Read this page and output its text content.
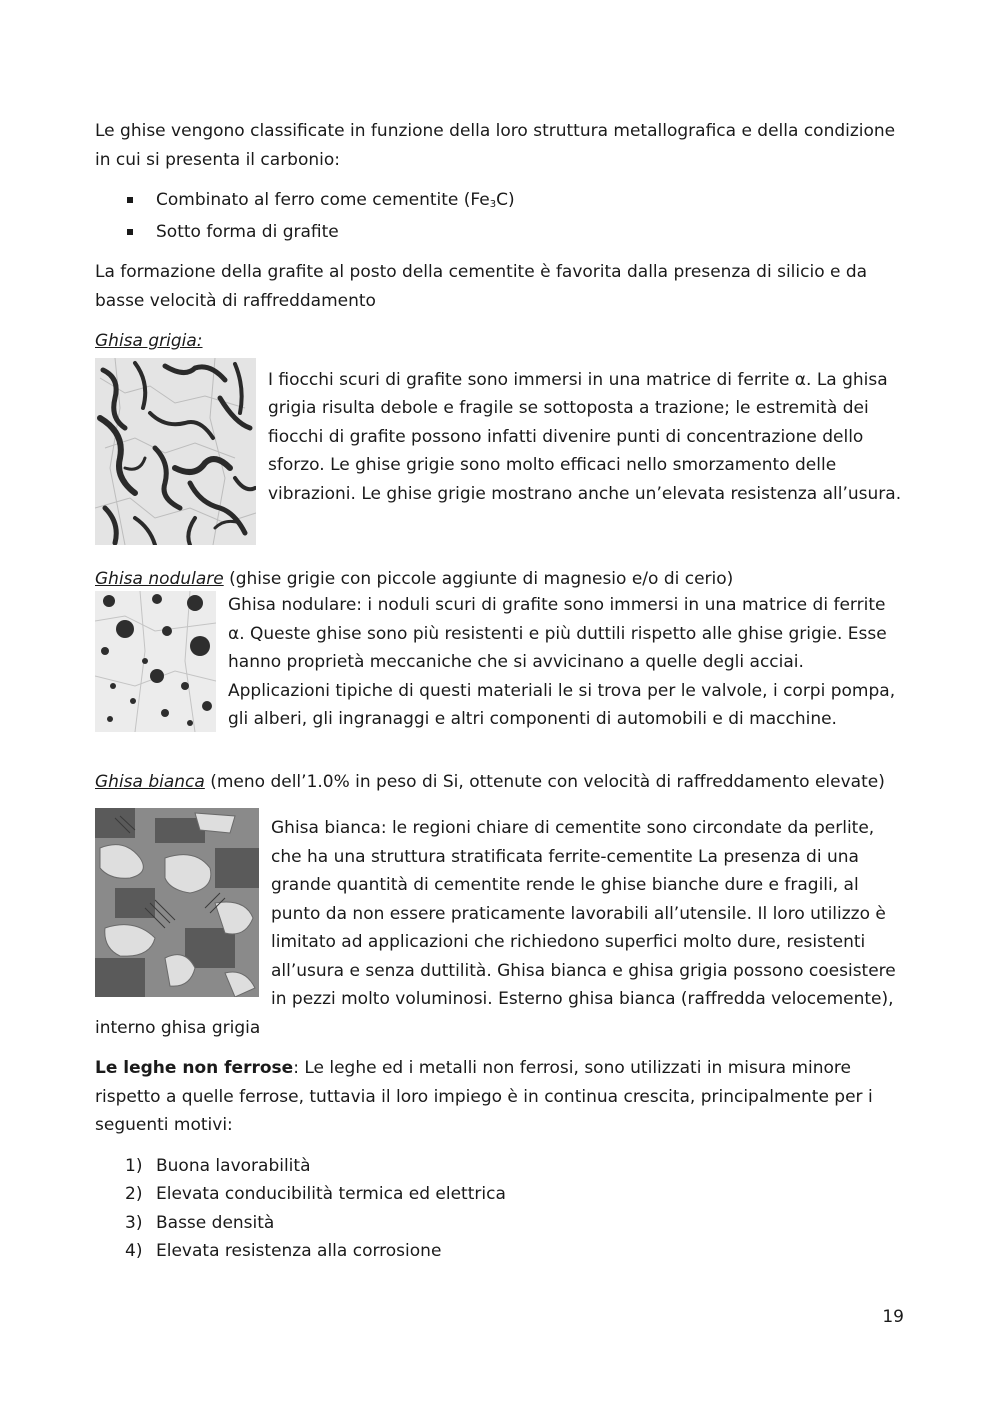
Le ghise vengono classificate in funzione della loro struttura metallografica e della condizione in cui si presenta il carbonio:

Combinato al ferro come cementite (Fe3C)
Sotto forma di grafite

La formazione della grafite al posto della cementite è favorita dalla presenza di silicio e da basse velocità di raffreddamento

Ghisa grigia:

I fiocchi scuri di grafite sono immersi in una matrice di ferrite α. La ghisa grigia risulta debole e fragile se sottoposta a trazione; le estremità dei fiocchi di grafite possono infatti divenire punti di concentrazione dello sforzo. Le ghise grigie sono molto efficaci nello smorzamento delle vibrazioni. Le ghise grigie mostrano anche un’elevata resistenza all’usura.

Ghisa nodulare (ghise grigie con piccole aggiunte di magnesio e/o di cerio)

Ghisa nodulare: i noduli scuri di grafite sono immersi in una matrice di ferrite α. Queste ghise sono più resistenti e più duttili rispetto alle ghise grigie. Esse hanno proprietà meccaniche che si avvicinano a quelle degli acciai. Applicazioni tipiche di questi materiali le si trova per le valvole, i corpi pompa, gli alberi, gli ingranaggi e altri componenti di automobili e di macchine.

Ghisa bianca (meno dell’1.0% in peso di Si, ottenute con velocità di raffreddamento elevate)

Ghisa bianca: le regioni chiare di cementite sono circondate da perlite, che ha una struttura stratificata ferrite-cementite La presenza di una grande quantità di cementite rende le ghise bianche dure e fragili, al punto da non essere praticamente lavorabili all’utensile. Il loro utilizzo è limitato ad applicazioni che richiedono superfici molto dure, resistenti all’usura e senza duttilità. Ghisa bianca e ghisa grigia possono coesistere in pezzi molto voluminosi. Esterno ghisa bianca (raffredda velocemente), interno ghisa grigia

Le leghe non ferrose: Le leghe ed i metalli non ferrosi, sono utilizzati in misura minore rispetto a quelle ferrose, tuttavia il loro impiego è in continua crescita, principalmente per i seguenti motivi:

1) Buona lavorabilità
2) Elevata conducibilità termica ed elettrica
3) Basse densità
4) Elevata resistenza alla corrosione
19
